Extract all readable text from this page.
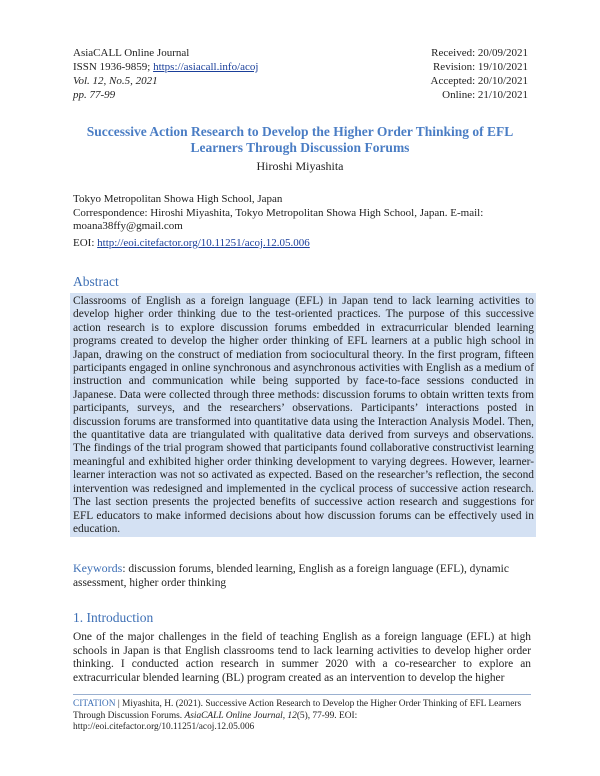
AsiaCALL Online Journal
ISSN 1936-9859; https://asiacall.info/acoj
Vol. 12, No.5, 2021
pp. 77-99
Received: 20/09/2021
Revision: 19/10/2021
Accepted: 20/10/2021
Online: 21/10/2021
Successive Action Research to Develop the Higher Order Thinking of EFL Learners Through Discussion Forums
Hiroshi Miyashita
Tokyo Metropolitan Showa High School, Japan
Correspondence: Hiroshi Miyashita, Tokyo Metropolitan Showa High School, Japan. E-mail: moana38ffy@gmail.com
EOI: http://eoi.citefactor.org/10.11251/acoj.12.05.006
Abstract
Classrooms of English as a foreign language (EFL) in Japan tend to lack learning activities to develop higher order thinking due to the test-oriented practices. The purpose of this successive action research is to explore discussion forums embedded in extracurricular blended learning programs created to develop the higher order thinking of EFL learners at a public high school in Japan, drawing on the construct of mediation from sociocultural theory. In the first program, fifteen participants engaged in online synchronous and asynchronous activities with English as a medium of instruction and communication while being supported by face-to-face sessions conducted in Japanese. Data were collected through three methods: discussion forums to obtain written texts from participants, surveys, and the researchers’ observations. Participants’ interactions posted in discussion forums are transformed into quantitative data using the Interaction Analysis Model. Then, the quantitative data are triangulated with qualitative data derived from surveys and observations. The findings of the trial program showed that participants found collaborative constructivist learning meaningful and exhibited higher order thinking development to varying degrees. However, learner-learner interaction was not so activated as expected. Based on the researcher’s reflection, the second intervention was redesigned and implemented in the cyclical process of successive action research. The last section presents the projected benefits of successive action research and suggestions for EFL educators to make informed decisions about how discussion forums can be effectively used in education.
Keywords: discussion forums, blended learning, English as a foreign language (EFL), dynamic assessment, higher order thinking
1. Introduction
One of the major challenges in the field of teaching English as a foreign language (EFL) at high schools in Japan is that English classrooms tend to lack learning activities to develop higher order thinking. I conducted action research in summer 2020 with a co-researcher to explore an extracurricular blended learning (BL) program created as an intervention to develop the higher
CITATION | Miyashita, H. (2021). Successive Action Research to Develop the Higher Order Thinking of EFL Learners Through Discussion Forums. AsiaCALL Online Journal, 12(5), 77-99. EOI: http://eoi.citefactor.org/10.11251/acoj.12.05.006
